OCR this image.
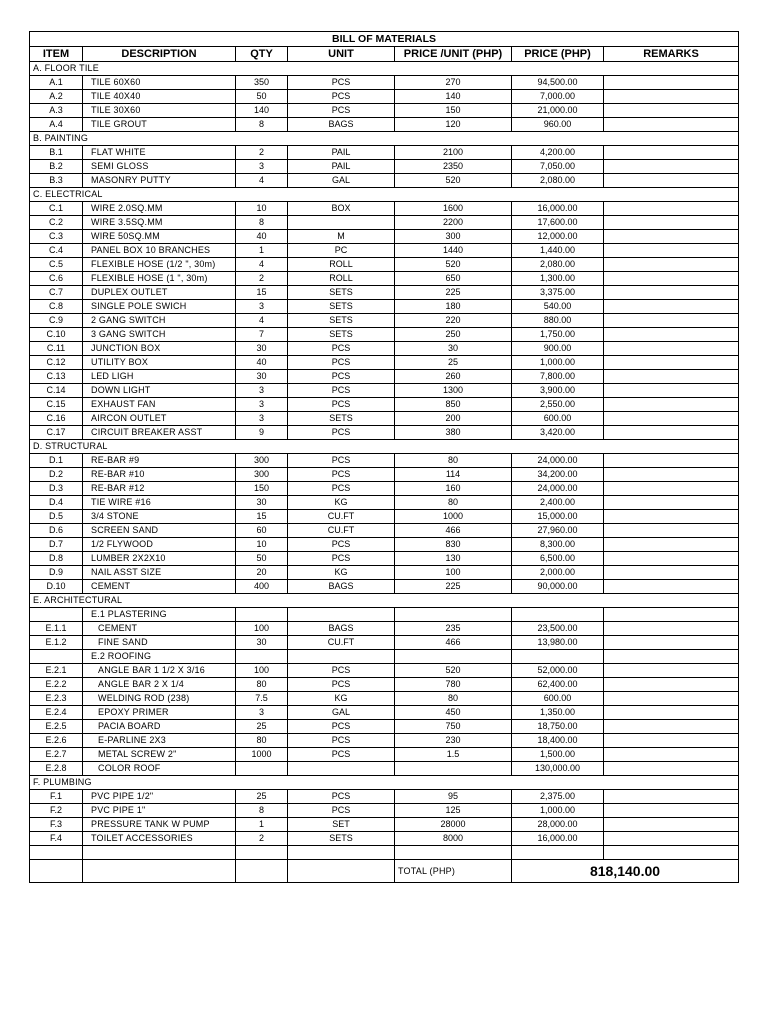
BILL OF MATERIALS						
ITEM	DESCRIPTION	QTY	UNIT	PRICE /UNIT (PHP)	PRICE (PHP)	REMARKS
A. FLOOR TILE						
A.1	TILE 60X60	350	PCS	270	94,500.00	
A.2	TILE 40X40	50	PCS	140	7,000.00	
A.3	TILE 30X60	140	PCS	150	21,000.00	
A.4	TILE GROUT	8	BAGS	120	960.00	
B. PAINTING						
B.1	FLAT WHITE	2	PAIL	2100	4,200.00	
B.2	SEMI GLOSS	3	PAIL	2350	7,050.00	
B.3	MASONRY PUTTY	4	GAL	520	2,080.00	
C. ELECTRICAL						
C.1	WIRE 2.0SQ.MM	10	BOX	1600	16,000.00	
C.2	WIRE 3.5SQ.MM	8		2200	17,600.00	
C.3	WIRE 50SQ.MM	40	M	300	12,000.00	
C.4	PANEL BOX 10 BRANCHES	1	PC	1440	1,440.00	
C.5	FLEXIBLE HOSE (1/2 ", 30m)	4	ROLL	520	2,080.00	
C.6	FLEXIBLE HOSE (1 ", 30m)	2	ROLL	650	1,300.00	
C.7	DUPLEX OUTLET	15	SETS	225	3,375.00	
C.8	SINGLE POLE SWICH	3	SETS	180	540.00	
C.9	2 GANG SWITCH	4	SETS	220	880.00	
C.10	3 GANG SWITCH	7	SETS	250	1,750.00	
C.11	JUNCTION BOX	30	PCS	30	900.00	
C.12	UTILITY BOX	40	PCS	25	1,000.00	
C.13	LED LIGH	30	PCS	260	7,800.00	
C.14	DOWN LIGHT	3	PCS	1300	3,900.00	
C.15	EXHAUST FAN	3	PCS	850	2,550.00	
C.16	AIRCON OUTLET	3	SETS	200	600.00	
C.17	CIRCUIT BREAKER ASST	9	PCS	380	3,420.00	
D. STRUCTURAL						
D.1	RE-BAR #9	300	PCS	80	24,000.00	
D.2	RE-BAR #10	300	PCS	114	34,200.00	
D.3	RE-BAR #12	150	PCS	160	24,000.00	
D.4	TIE WIRE #16	30	KG	80	2,400.00	
D.5	3/4 STONE	15	CU.FT	1000	15,000.00	
D.6	SCREEN SAND	60	CU.FT	466	27,960.00	
D.7	1/2 FLYWOOD	10	PCS	830	8,300.00	
D.8	LUMBER 2X2X10	50	PCS	130	6,500.00	
D.9	NAIL ASST SIZE	20	KG	100	2,000.00	
D.10	CEMENT	400	BAGS	225	90,000.00	
E. ARCHITECTURAL						
	E.1 PLASTERING					
E.1.1	CEMENT	100	BAGS	235	23,500.00	
E.1.2	FINE SAND	30	CU.FT	466	13,980.00	
	E.2 ROOFING					
E.2.1	ANGLE BAR 1 1/2 X 3/16	100	PCS	520	52,000.00	
E.2.2	ANGLE BAR 2 X 1/4	80	PCS	780	62,400.00	
E.2.3	WELDING ROD (238)	7.5	KG	80	600.00	
E.2.4	EPOXY PRIMER	3	GAL	450	1,350.00	
E.2.5	PACIA BOARD	25	PCS	750	18,750.00	
E.2.6	E-PARLINE 2X3	80	PCS	230	18,400.00	
E.2.7	METAL SCREW 2"	1000	PCS	1.5	1,500.00	
E.2.8	COLOR ROOF				130,000.00	
F. PLUMBING						
F.1	PVC PIPE 1/2"	25	PCS	95	2,375.00	
F.2	PVC PIPE 1"	8	PCS	125	1,000.00	
F.3	PRESSURE TANK W PUMP	1	SET	28000	28,000.00	
F.4	TOILET ACCESSORIES	2	SETS	8000	16,000.00	

				TOTAL (PHP)	818,140.00	
